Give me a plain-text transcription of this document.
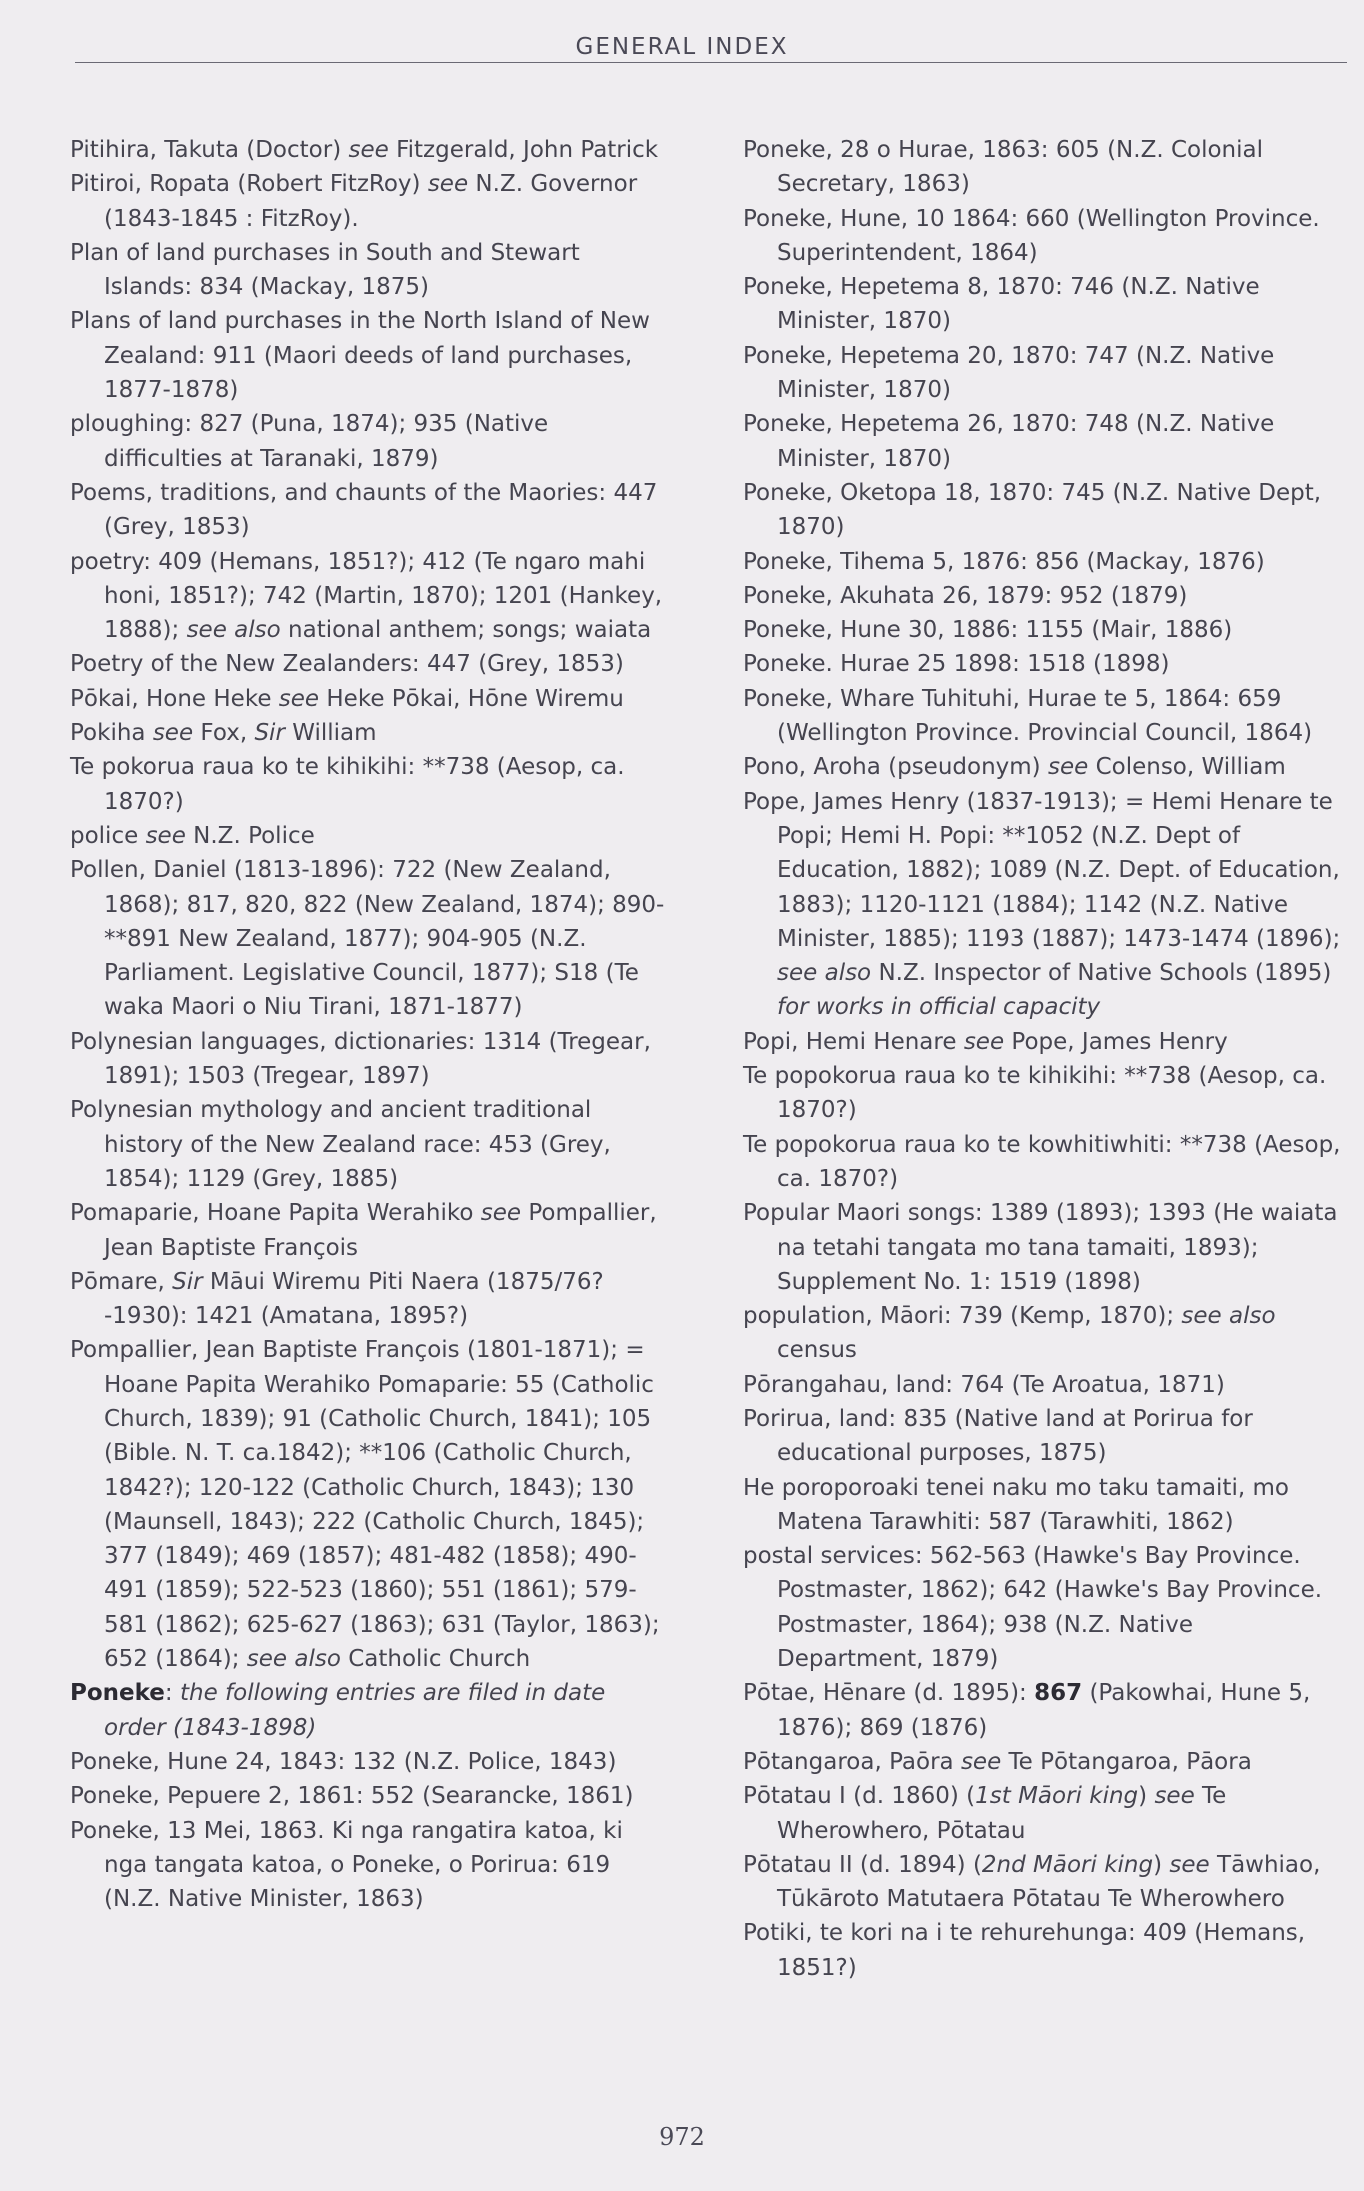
GENERAL INDEX

Pitihira, Takuta (Doctor) see Fitzgerald, John Patrick

Pitiroi, Ropata (Robert FitzRoy) see N.Z. Governor (1843-1845 : FitzRoy).

Plan of land purchases in South and Stewart Islands: 834 (Mackay, 1875)

Plans of land purchases in the North Island of New Zealand: 911 (Maori deeds of land purchases, 1877-1878)

ploughing: 827 (Puna, 1874); 935 (Native difficulties at Taranaki, 1879)

Poems, traditions, and chaunts of the Maories: 447 (Grey, 1853)

poetry: 409 (Hemans, 1851?); 412 (Te ngaro mahi honi, 1851?); 742 (Martin, 1870); 1201 (Hankey, 1888); see also national anthem; songs; waiata

Poetry of the New Zealanders: 447 (Grey, 1853)

Pōkai, Hone Heke see Heke Pōkai, Hōne Wiremu

Pokiha see Fox, Sir William

Te pokorua raua ko te kihikihi: **738 (Aesop, ca. 1870?)

police see N.Z. Police

Pollen, Daniel (1813-1896): 722 (New Zealand, 1868); 817, 820, 822 (New Zealand, 1874); 890-**891 New Zealand, 1877); 904-905 (N.Z. Parliament. Legislative Council, 1877); S18 (Te waka Maori o Niu Tirani, 1871-1877)

Polynesian languages, dictionaries: 1314 (Tregear, 1891); 1503 (Tregear, 1897)

Polynesian mythology and ancient traditional history of the New Zealand race: 453 (Grey, 1854); 1129 (Grey, 1885)

Pomaparie, Hoane Papita Werahiko see Pompallier, Jean Baptiste François

Pōmare, Sir Māui Wiremu Piti Naera (1875/76?-1930): 1421 (Amatana, 1895?)

Pompallier, Jean Baptiste François (1801-1871); = Hoane Papita Werahiko Pomaparie: 55 (Catholic Church, 1839); 91 (Catholic Church, 1841); 105 (Bible. N. T. ca.1842); **106 (Catholic Church, 1842?); 120-122 (Catholic Church, 1843); 130 (Maunsell, 1843); 222 (Catholic Church, 1845); 377 (1849); 469 (1857); 481-482 (1858); 490-491 (1859); 522-523 (1860); 551 (1861); 579-581 (1862); 625-627 (1863); 631 (Taylor, 1863); 652 (1864); see also Catholic Church

Poneke: the following entries are filed in date order (1843-1898)

Poneke, Hune 24, 1843: 132 (N.Z. Police, 1843)

Poneke, Pepuere 2, 1861: 552 (Searancke, 1861)

Poneke, 13 Mei, 1863. Ki nga rangatira katoa, ki nga tangata katoa, o Poneke, o Porirua: 619 (N.Z. Native Minister, 1863)

Poneke, 28 o Hurae, 1863: 605 (N.Z. Colonial Secretary, 1863)

Poneke, Hune, 10 1864: 660 (Wellington Province. Superintendent, 1864)

Poneke, Hepetema 8, 1870: 746 (N.Z. Native Minister, 1870)

Poneke, Hepetema 20, 1870: 747 (N.Z. Native Minister, 1870)

Poneke, Hepetema 26, 1870: 748 (N.Z. Native Minister, 1870)

Poneke, Oketopa 18, 1870: 745 (N.Z. Native Dept, 1870)

Poneke, Tihema 5, 1876: 856 (Mackay, 1876)

Poneke, Akuhata 26, 1879: 952 (1879)

Poneke, Hune 30, 1886: 1155 (Mair, 1886)

Poneke. Hurae 25 1898: 1518 (1898)

Poneke, Whare Tuhituhi, Hurae te 5, 1864: 659 (Wellington Province. Provincial Council, 1864)

Pono, Aroha (pseudonym) see Colenso, William

Pope, James Henry (1837-1913); = Hemi Henare te Popi; Hemi H. Popi: **1052 (N.Z. Dept of Education, 1882); 1089 (N.Z. Dept. of Education, 1883); 1120-1121 (1884); 1142 (N.Z. Native Minister, 1885); 1193 (1887); 1473-1474 (1896); see also N.Z. Inspector of Native Schools (1895) for works in official capacity

Popi, Hemi Henare see Pope, James Henry

Te popokorua raua ko te kihikihi: **738 (Aesop, ca. 1870?)

Te popokorua raua ko te kowhitiwhiti: **738 (Aesop, ca. 1870?)

Popular Maori songs: 1389 (1893); 1393 (He waiata na tetahi tangata mo tana tamaiti, 1893); Supplement No. 1: 1519 (1898)

population, Māori: 739 (Kemp, 1870); see also census

Pōrangahau, land: 764 (Te Aroatua, 1871)

Porirua, land: 835 (Native land at Porirua for educational purposes, 1875)

He poroporoaki tenei naku mo taku tamaiti, mo Matena Tarawhiti: 587 (Tarawhiti, 1862)

postal services: 562-563 (Hawke's Bay Province. Postmaster, 1862); 642 (Hawke's Bay Province. Postmaster, 1864); 938 (N.Z. Native Department, 1879)

Pōtae, Hēnare (d. 1895): 867 (Pakowhai, Hune 5, 1876); 869 (1876)

Pōtangaroa, Paōra see Te Pōtangaroa, Pāora

Pōtatau I (d. 1860) (1st Māori king) see Te Wherowhero, Pōtatau

Pōtatau II (d. 1894) (2nd Māori king) see Tāwhiao, Tūkāroto Matutaera Pōtatau Te Wherowhero

Potiki, te kori na i te rehurehunga: 409 (Hemans, 1851?)

972
